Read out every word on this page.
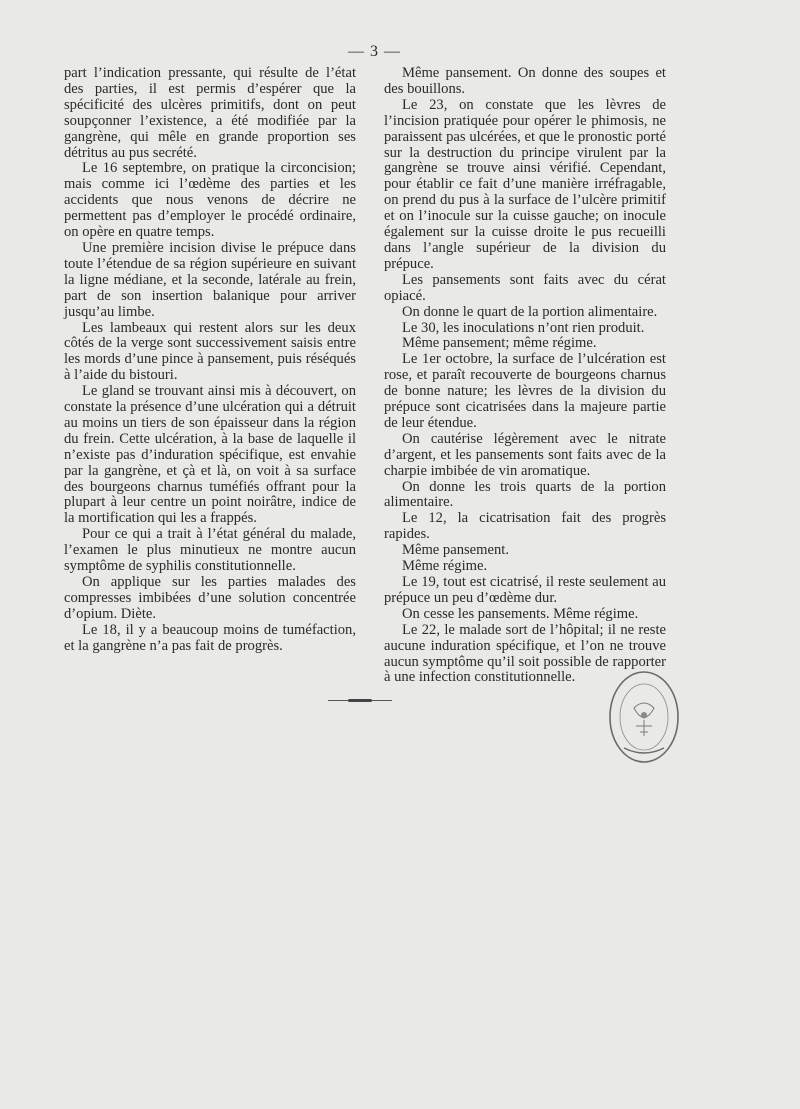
— 3 —

part l’indication pressante, qui résulte de l’état des parties, il est permis d’espérer que la spécificité des ulcères primitifs, dont on peut soupçonner l’existence, a été modifiée par la gangrène, qui mêle en grande proportion ses détritus au pus secrété.

Le 16 septembre, on pratique la circoncision; mais comme ici l’œdème des parties et les accidents que nous venons de décrire ne permettent pas d’employer le procédé ordinaire, on opère en quatre temps.

Une première incision divise le prépuce dans toute l’étendue de sa région supérieure en suivant la ligne médiane, et la seconde, latérale au frein, part de son insertion balanique pour arriver jusqu’au limbe.

Les lambeaux qui restent alors sur les deux côtés de la verge sont successivement saisis entre les mords d’une pince à pansement, puis réséqués à l’aide du bistouri.

Le gland se trouvant ainsi mis à découvert, on constate la présence d’une ulcération qui a détruit au moins un tiers de son épaisseur dans la région du frein. Cette ulcération, à la base de laquelle il n’existe pas d’induration spécifique, est envahie par la gangrène, et çà et là, on voit à sa surface des bourgeons charnus tuméfiés offrant pour la plupart à leur centre un point noirâtre, indice de la mortification qui les a frappés.

Pour ce qui a trait à l’état général du malade, l’examen le plus minutieux ne montre aucun symptôme de syphilis constitutionnelle.

On applique sur les parties malades des compresses imbibées d’une solution concentrée d’opium. Diète.

Le 18, il y a beaucoup moins de tuméfaction, et la gangrène n’a pas fait de progrès.

Même pansement. On donne des soupes et des bouillons.

Le 23, on constate que les lèvres de l’incision pratiquée pour opérer le phimosis, ne paraissent pas ulcérées, et que le pronostic porté sur la destruction du principe virulent par la gangrène se trouve ainsi vérifié. Cependant, pour établir ce fait d’une manière irréfragable, on prend du pus à la surface de l’ulcère primitif et on l’inocule sur la cuisse gauche; on inocule également sur la cuisse droite le pus recueilli dans l’angle supérieur de la division du prépuce.

Les pansements sont faits avec du cérat opiacé.

On donne le quart de la portion alimentaire.

Le 30, les inoculations n’ont rien produit.

Même pansement; même régime.

Le 1er octobre, la surface de l’ulcération est rose, et paraît recouverte de bourgeons charnus de bonne nature; les lèvres de la division du prépuce sont cicatrisées dans la majeure partie de leur étendue.

On cautérise légèrement avec le nitrate d’argent, et les pansements sont faits avec de la charpie imbibée de vin aromatique.

On donne les trois quarts de la portion alimentaire.

Le 12, la cicatrisation fait des progrès rapides.

Même pansement.

Même régime.

Le 19, tout est cicatrisé, il reste seulement au prépuce un peu d’œdème dur.

On cesse les pansements. Même régime.

Le 22, le malade sort de l’hôpital; il ne reste aucune induration spécifique, et l’on ne trouve aucun symptôme qu’il soit possible de rapporter à une infection constitutionnelle.
